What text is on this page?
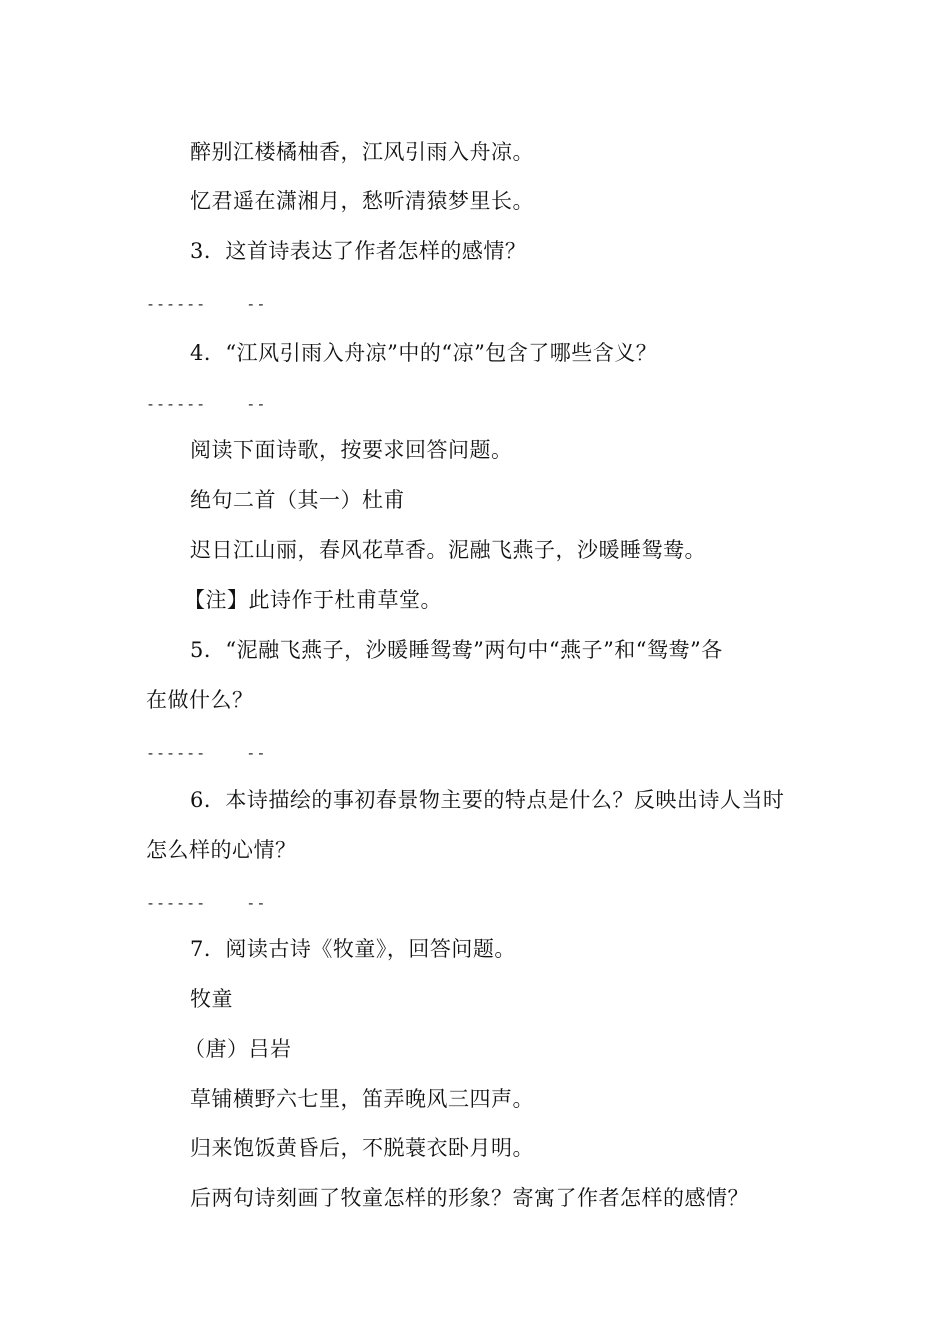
醉别江楼橘柚香，江风引雨入舟凉。
忆君遥在潇湘月，愁听清猿梦里长。
3．这首诗表达了作者怎样的感情？
------    --
4．“江风引雨入舟凉”中的“凉”包含了哪些含义？
------    --
阅读下面诗歌，按要求回答问题。
绝句二首（其一）杜甫
迟日江山丽，春风花草香。泥融飞燕子，沙暖睡鸳鸯。
【注】此诗作于杜甫草堂。
5．“泥融飞燕子，沙暖睡鸳鸯”两句中“燕子”和“鸳鸯”各
在做什么？
------    --
6．本诗描绘的事初春景物主要的特点是什么？反映出诗人当时
怎么样的心情？
------    --
7．阅读古诗《牧童》，回答问题。
牧童
（唐）吕岩
草铺横野六七里，笛弄晚风三四声。
归来饱饭黄昏后，不脱蓑衣卧月明。
后两句诗刻画了牧童怎样的形象？寄寓了作者怎样的感情？
